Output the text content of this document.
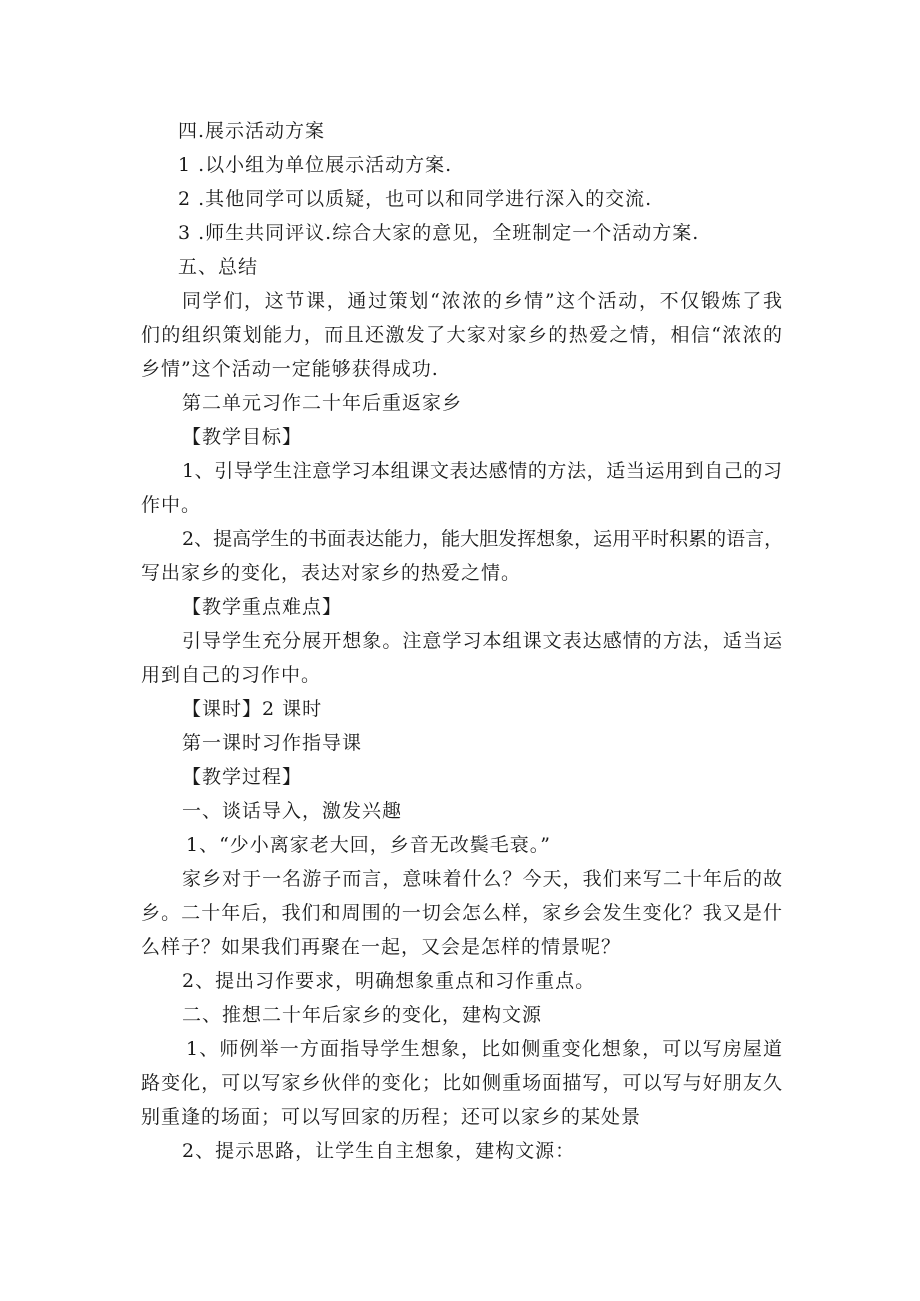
四.展示活动方案
1 .以小组为单位展示活动方案.
2 .其他同学可以质疑，也可以和同学进行深入的交流.
3 .师生共同评议.综合大家的意见，全班制定一个活动方案.
五、总结
同学们，这节课，通过策划“浓浓的乡情”这个活动，不仅锻炼了我
们的组织策划能力，而且还激发了大家对家乡的热爱之情，相信“浓浓的
乡情”这个活动一定能够获得成功.
第二单元习作二十年后重返家乡
【教学目标】
1、引导学生注意学习本组课文表达感情的方法，适当运用到自己的习
作中。
2、提高学生的书面表达能力，能大胆发挥想象，运用平时积累的语言，
写出家乡的变化，表达对家乡的热爱之情。
【教学重点难点】
引导学生充分展开想象。注意学习本组课文表达感情的方法，适当运
用到自己的习作中。
【课时】2 课时
第一课时习作指导课
【教学过程】
一、谈话导入，激发兴趣
1、“少小离家老大回，乡音无改鬓毛衰。”
家乡对于一名游子而言，意味着什么？今天，我们来写二十年后的故
乡。二十年后，我们和周围的一切会怎么样，家乡会发生变化？我又是什
么样子？如果我们再聚在一起，又会是怎样的情景呢？
2、提出习作要求，明确想象重点和习作重点。
二、推想二十年后家乡的变化，建构文源
1、师例举一方面指导学生想象，比如侧重变化想象，可以写房屋道
路变化，可以写家乡伙伴的变化；比如侧重场面描写，可以写与好朋友久
别重逢的场面；可以写回家的历程；还可以家乡的某处景
2、提示思路，让学生自主想象，建构文源：
